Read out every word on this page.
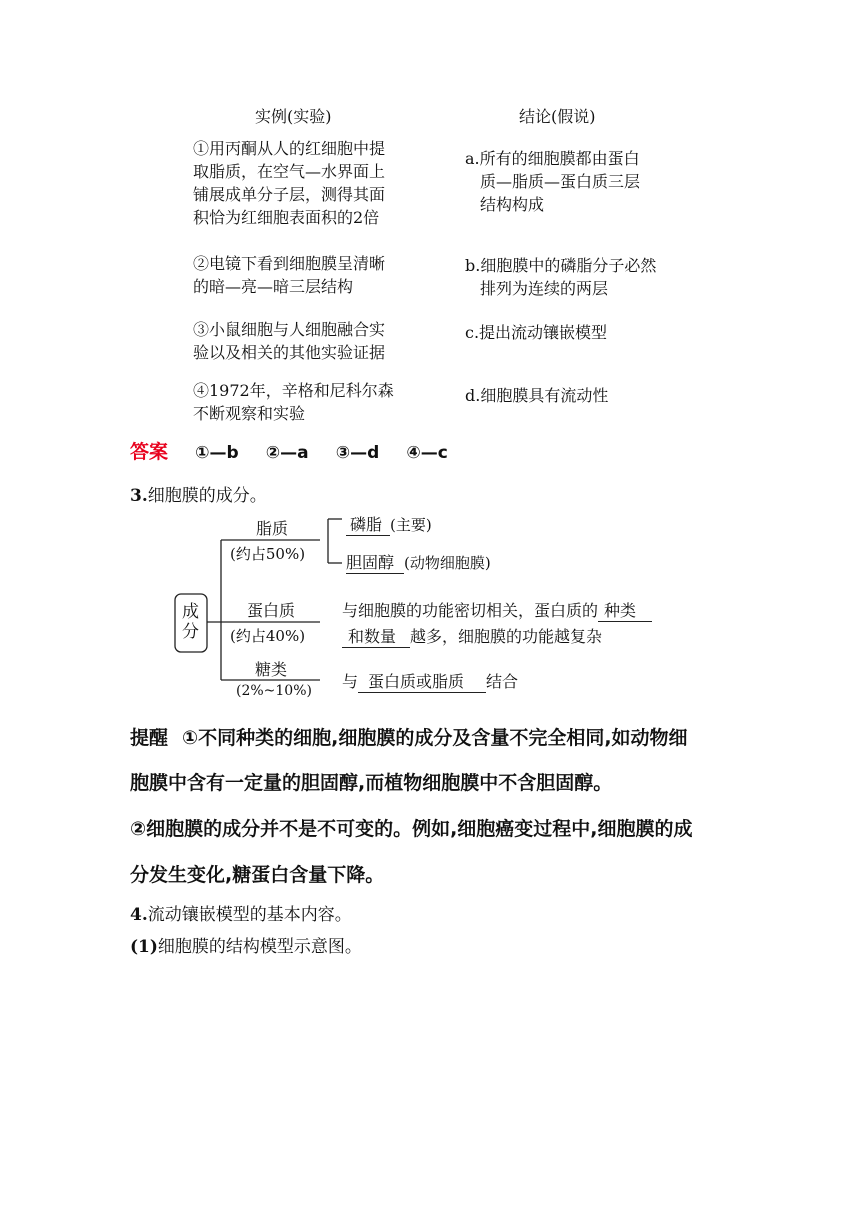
实例(实验)	结论(假说)
①用丙酮从人的红细胞中提
取脂质，在空气—水界面上
铺展成单分子层，测得其面
积恰为红细胞表面积的2倍
②电镜下看到细胞膜呈清晰
的暗—亮—暗三层结构
③小鼠细胞与人细胞融合实
验以及相关的其他实验证据
④1972年，辛格和尼科尔森
不断观察和实验
a.所有的细胞膜都由蛋白
质—脂质—蛋白质三层
结构构成
b.细胞膜中的磷脂分子必然
排列为连续的两层
c.提出流动镶嵌模型
d.细胞膜具有流动性
答案 ①—b ②—a ③—d ④—c
3.细胞膜的成分。
成
分
脂质
(约占50%)
磷脂 (主要)
胆固醇 (动物细胞膜)
蛋白质
(约占40%)
与细胞膜的功能密切相关，蛋白质的 种类
和数量 越多，细胞膜的功能越复杂
糖类
(2%~10%) 与 蛋白质或脂质 结合
提醒 ①不同种类的细胞,细胞膜的成分及含量不完全相同,如动物细
胞膜中含有一定量的胆固醇,而植物细胞膜中不含胆固醇。
②细胞膜的成分并不是不可变的。例如,细胞癌变过程中,细胞膜的成
分发生变化,糖蛋白含量下降。
4.流动镶嵌模型的基本内容。
(1)细胞膜的结构模型示意图。
